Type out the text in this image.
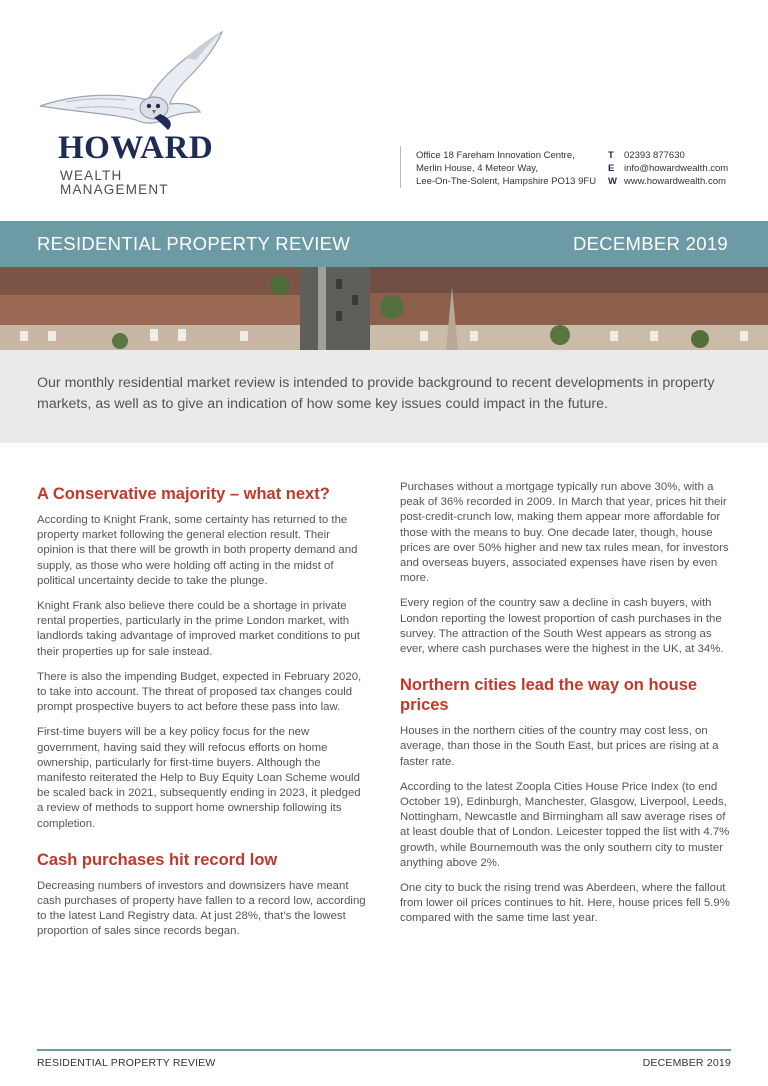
HOWARD
WEALTH MANAGEMENT
Office 18 Fareham Innovation Centre,
Merlin House, 4 Meteor Way,
Lee-On-The-Solent, Hampshire PO13 9FU
T 02393 877630
E info@howardwealth.com
W www.howardwealth.com
RESIDENTIAL PROPERTY REVIEW	DECEMBER 2019

Our monthly residential market review is intended to provide background to recent developments in property markets, as well as to give an indication of how some key issues could impact in the future.

A Conservative majority – what next?

According to Knight Frank, some certainty has returned to the property market following the general election result. Their opinion is that there will be growth in both property demand and supply, as those who were holding off acting in the midst of political uncertainty decide to take the plunge.

Knight Frank also believe there could be a shortage in private rental properties, particularly in the prime London market, with landlords taking advantage of improved market conditions to put their properties up for sale instead.

There is also the impending Budget, expected in February 2020, to take into account. The threat of proposed tax changes could prompt prospective buyers to act before these pass into law.

First-time buyers will be a key policy focus for the new government, having said they will refocus efforts on home ownership, particularly for first-time buyers. Although the manifesto reiterated the Help to Buy Equity Loan Scheme would be scaled back in 2021, subsequently ending in 2023, it pledged a review of methods to support home ownership following its completion.

Cash purchases hit record low

Decreasing numbers of investors and downsizers have meant cash purchases of property have fallen to a record low, according to the latest Land Registry data. At just 28%, that’s the lowest proportion of sales since records began.

Purchases without a mortgage typically run above 30%, with a peak of 36% recorded in 2009. In March that year, prices hit their post-credit-crunch low, making them appear more affordable for those with the means to buy. One decade later, though, house prices are over 50% higher and new tax rules mean, for investors and overseas buyers, associated expenses have risen by even more.

Every region of the country saw a decline in cash buyers, with London reporting the lowest proportion of cash purchases in the survey. The attraction of the South West appears as strong as ever, where cash purchases were the highest in the UK, at 34%.

Northern cities lead the way on house prices

Houses in the northern cities of the country may cost less, on average, than those in the South East, but prices are rising at a faster rate.

According to the latest Zoopla Cities House Price Index (to end October 19), Edinburgh, Manchester, Glasgow, Liverpool, Leeds, Nottingham, Newcastle and Birmingham all saw average rises of at least double that of London. Leicester topped the list with 4.7% growth, while Bournemouth was the only southern city to muster anything above 2%.

One city to buck the rising trend was Aberdeen, where the fallout from lower oil prices continues to hit. Here, house prices fell 5.9% compared with the same time last year.

RESIDENTIAL PROPERTY REVIEW	DECEMBER 2019
